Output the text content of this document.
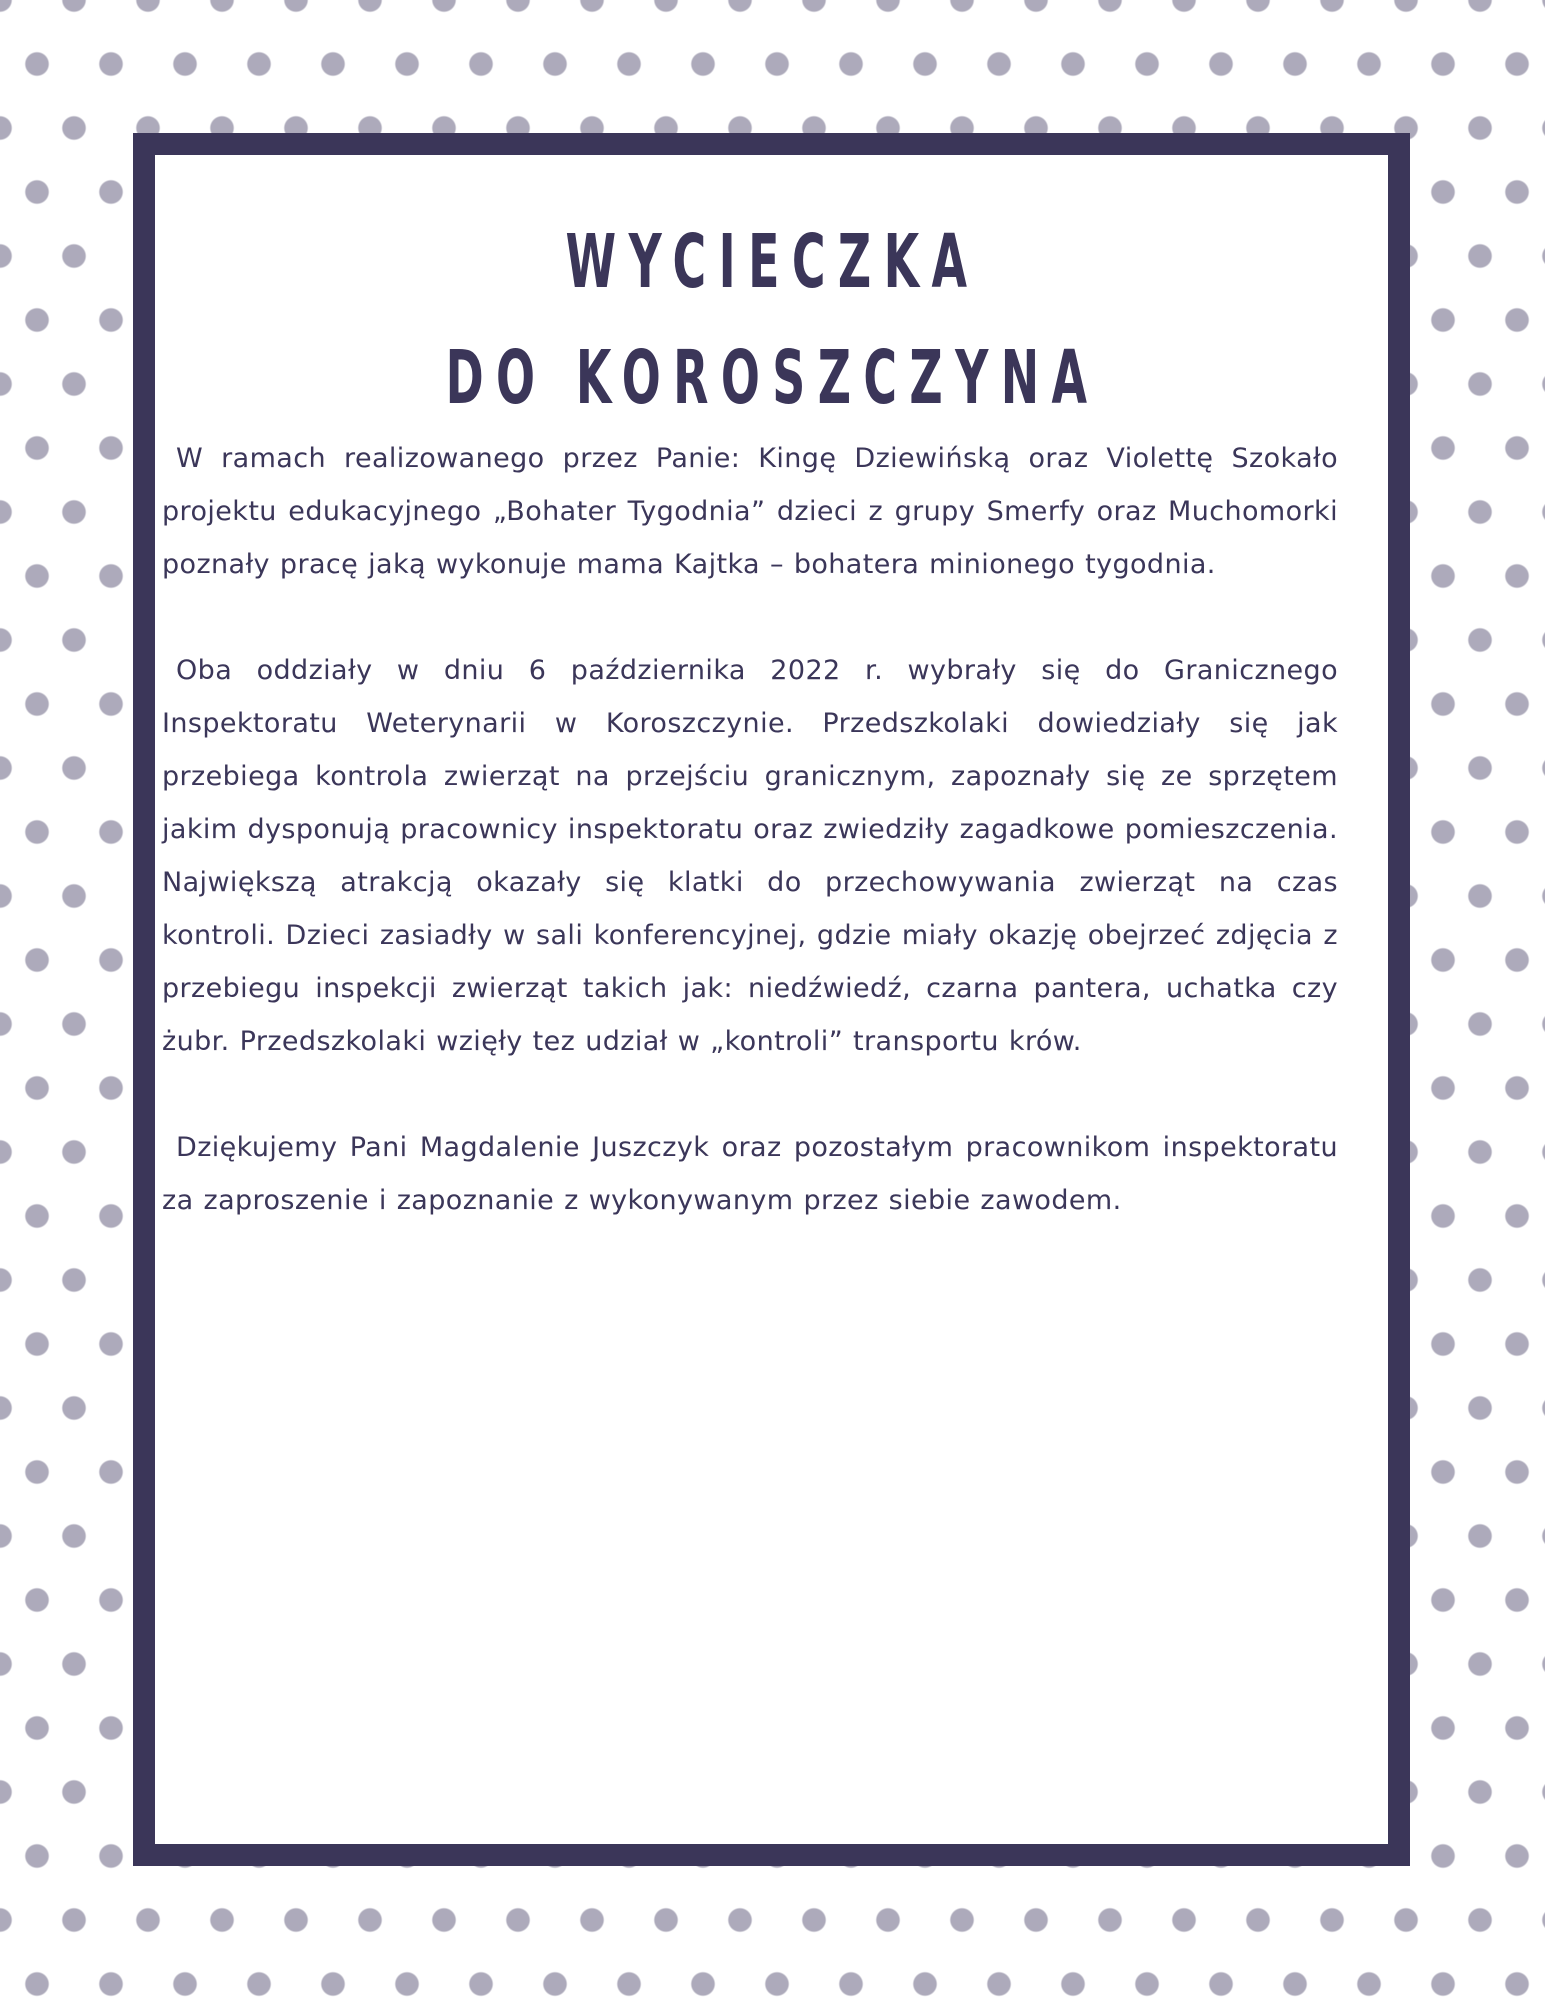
WYCIECZKA
DO KOROSZCZYNA

W ramach realizowanego przez Panie: Kingę Dziewińską oraz Violettę Szokało projektu edukacyjnego „Bohater Tygodnia” dzieci z grupy Smerfy oraz Muchomorki poznały pracę jaką wykonuje mama Kajtka – bohatera minionego tygodnia.

Oba oddziały w dniu 6 października 2022 r. wybrały się do Granicznego Inspektoratu Weterynarii w Koroszczynie. Przedszkolaki dowiedziały się jak przebiega kontrola zwierząt na przejściu granicznym, zapoznały się ze sprzętem jakim dysponują pracownicy inspektoratu oraz zwiedziły zagadkowe pomieszczenia. Największą atrakcją okazały się klatki do przechowywania zwierząt na czas kontroli. Dzieci zasiadły w sali konferencyjnej, gdzie miały okazję obejrzeć zdjęcia z przebiegu inspekcji zwierząt takich jak: niedźwiedź, czarna pantera, uchatka czy żubr. Przedszkolaki wzięły tez udział w „kontroli” transportu krów.

Dziękujemy Pani Magdalenie Juszczyk oraz pozostałym pracownikom inspektoratu za zaproszenie i zapoznanie z wykonywanym przez siebie zawodem.
